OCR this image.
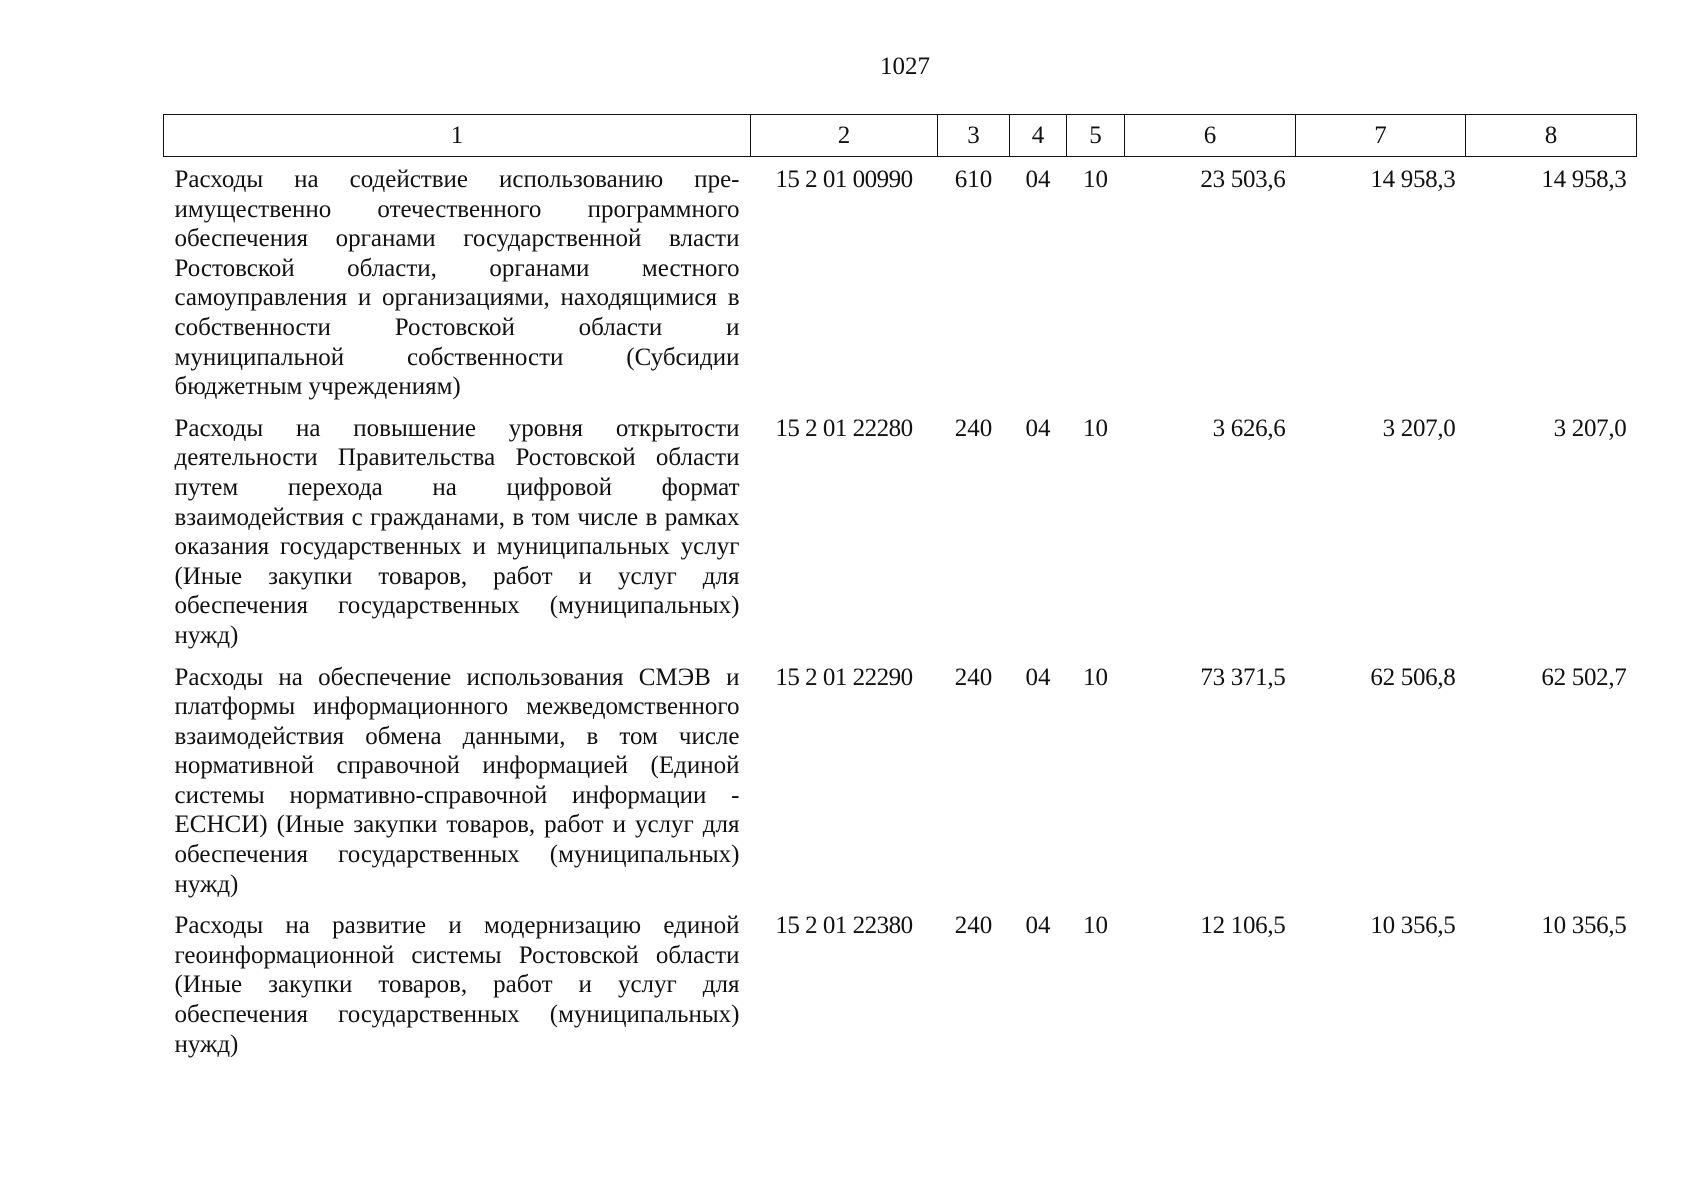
1027
1	2	3	4	5	6	7	8
Расходы на содействие использованию преимущественно отечественного программного обеспечения органами государственной власти Ростовской области, органами местного самоуправления и организациями, находящимися в собственности Ростовской области и муниципальной собственности (Субсидии бюджетным учреждениям)	15 2 01 00990	610	04	10	23 503,6	14 958,3	14 958,3
Расходы на повышение уровня открытости деятельности Правительства Ростовской области путем перехода на цифровой формат взаимодействия с гражданами, в том числе в рамках оказания государственных и муниципальных услуг (Иные закупки товаров, работ и услуг для обеспечения государственных (муниципальных) нужд)	15 2 01 22280	240	04	10	3 626,6	3 207,0	3 207,0
Расходы на обеспечение использования СМЭВ и платформы информационного межведомственного взаимодействия обмена данными, в том числе нормативной справочной информацией (Единой системы нормативно-справочной информации - ЕСНСИ) (Иные закупки товаров, работ и услуг для обеспечения государственных (муниципальных) нужд)	15 2 01 22290	240	04	10	73 371,5	62 506,8	62 502,7
Расходы на развитие и модернизацию единой геоинформационной системы Ростовской области (Иные закупки товаров, работ и услуг для обеспечения государственных (муниципальных) нужд)	15 2 01 22380	240	04	10	12 106,5	10 356,5	10 356,5
